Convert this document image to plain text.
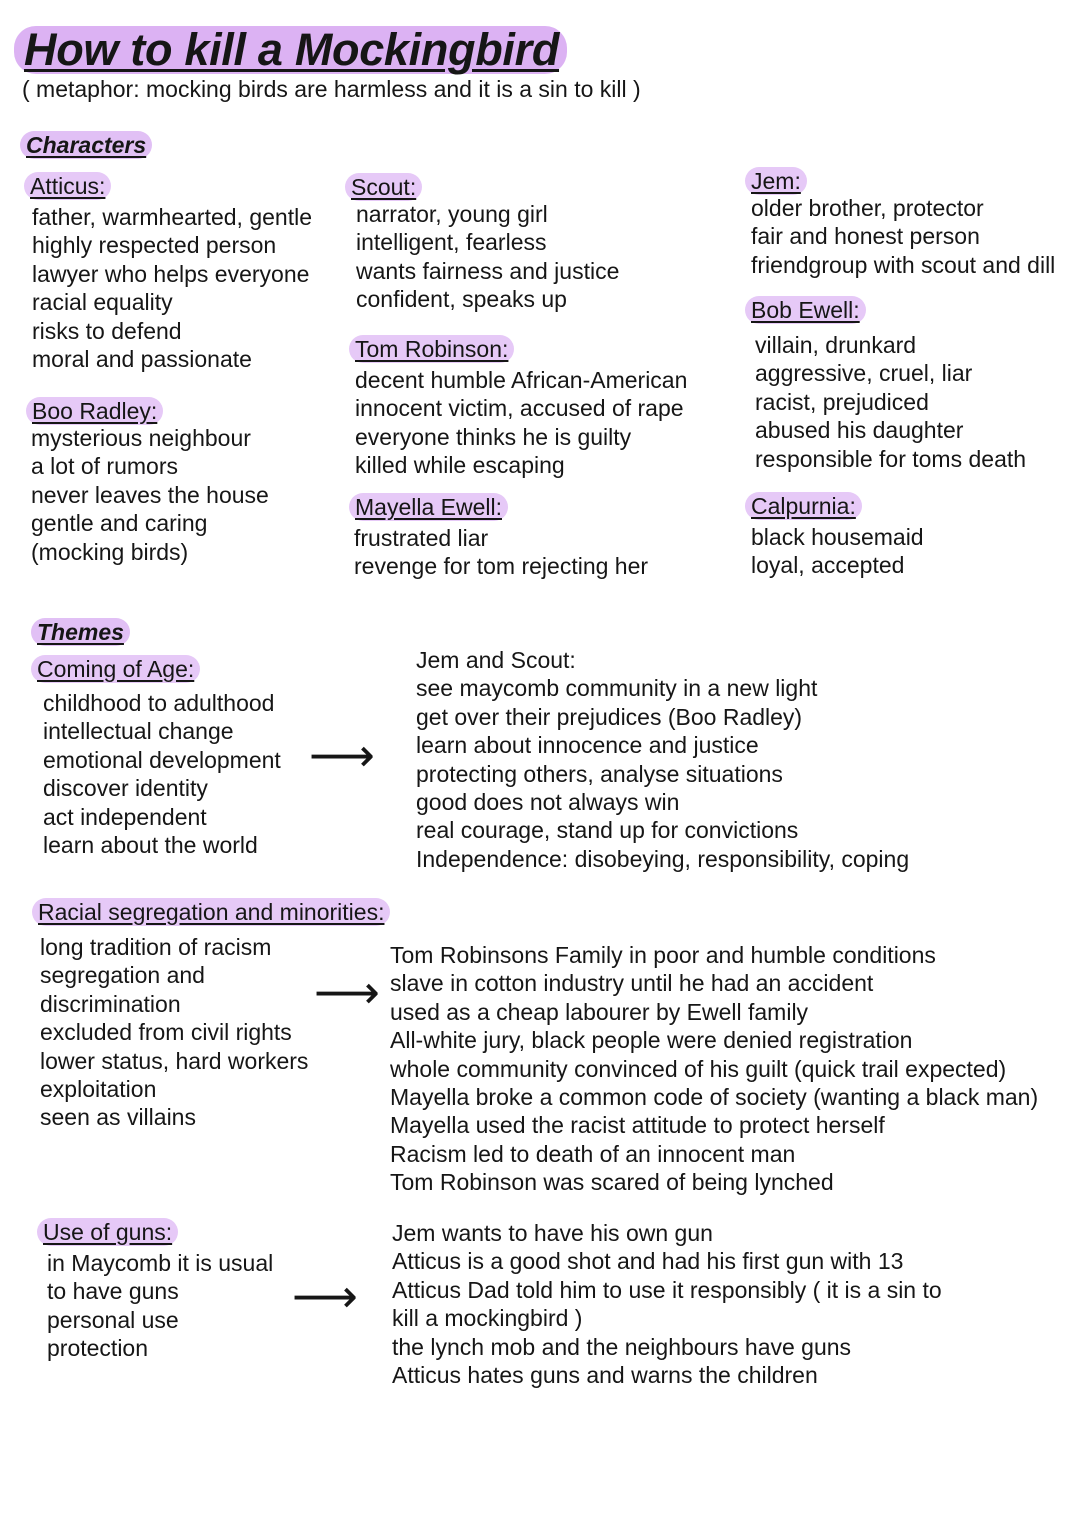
How to kill a Mockingbird
( metaphor: mocking birds are harmless and it is a sin to kill )
Characters
Atticus:
father, warmhearted, gentle
highly respected person
lawyer who helps everyone
racial equality
risks to defend
moral and passionate
Scout:
narrator, young girl
intelligent, fearless
wants fairness and justice
confident, speaks up
Jem:
older brother, protector
fair and honest person
friendgroup with scout and dill
Boo Radley:
mysterious neighbour
a lot of rumors
never leaves the house
gentle and caring
(mocking birds)
Tom Robinson:
decent humble African-American
innocent victim, accused of rape
everyone thinks he is guilty
killed while escaping
Bob Ewell:
villain, drunkard
aggressive, cruel, liar
racist, prejudiced
abused his daughter
responsible for toms death
Mayella Ewell:
frustrated liar
revenge for tom rejecting her
Calpurnia:
black housemaid
loyal, accepted
Themes
Coming of Age:
childhood to adulthood
intellectual change
emotional development
discover identity
act independent
learn about the world
⟶
Jem and Scout:
see maycomb community in a new light
get over their prejudices (Boo Radley)
learn about innocence and justice
protecting others, analyse situations
good does not always win
real courage, stand up for convictions
Independence: disobeying, responsibility, coping
Racial segregation and minorities:
long tradition of racism
segregation and
discrimination
excluded from civil rights
lower status, hard workers
exploitation
seen as villains
⟶
Tom Robinsons Family in poor and humble conditions
slave in cotton industry until he had an accident
used as a cheap labourer by Ewell family
All-white jury, black people were denied registration
whole community convinced of his guilt (quick trail expected)
Mayella broke a common code of society (wanting a black man)
Mayella used the racist attitude to protect herself
Racism led to death of an innocent man
Tom Robinson was scared of being lynched
Use of guns:
in Maycomb it is usual
to have guns
personal use
protection
⟶
Jem wants to have his own gun
Atticus is a good shot and had his first gun with 13
Atticus Dad told him to use it responsibly ( it is a sin to
kill a mockingbird )
the lynch mob and the neighbours have guns
Atticus hates guns and warns the children
